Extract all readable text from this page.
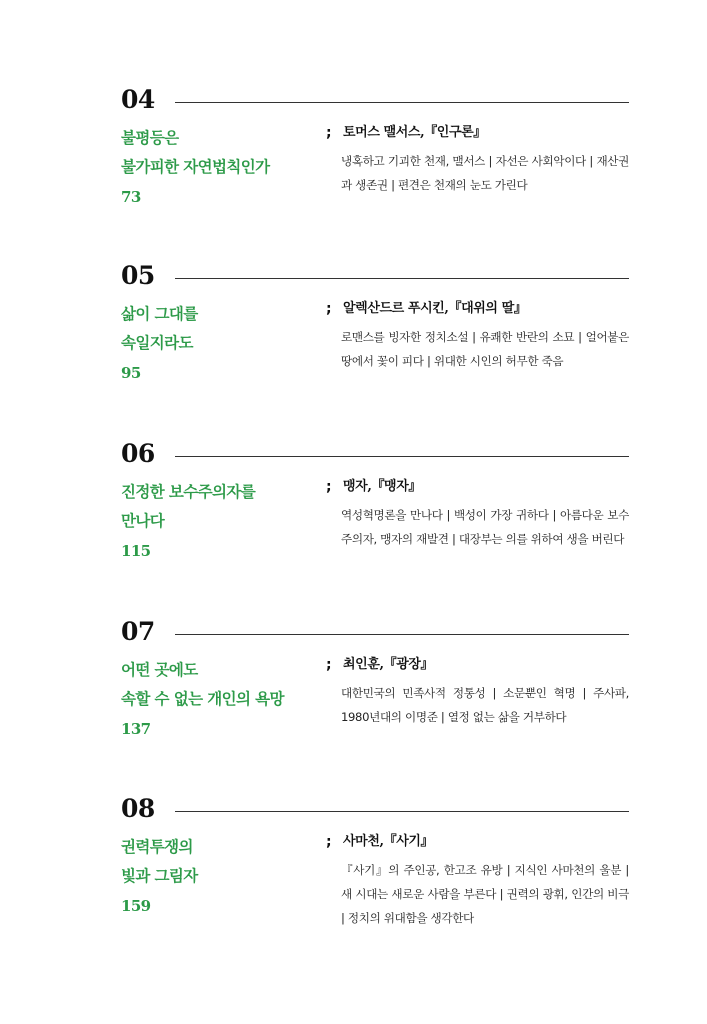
04
불평등은
불가피한 자연법칙인가
73
; 토머스 맬서스,『인구론』
냉혹하고 기괴한 천재, 맬서스 | 자선은 사회악이다 | 재산권과 생존권 | 편견은 천재의 눈도 가린다
05
삶이 그대를
속일지라도
95
; 알렉산드르 푸시킨,『대위의 딸』
로맨스를 빙자한 정치소설 | 유쾌한 반란의 소묘 | 얼어붙은 땅에서 꽃이 피다 | 위대한 시인의 허무한 죽음
06
진정한 보수주의자를
만나다
115
; 맹자,『맹자』
역성혁명론을 만나다 | 백성이 가장 귀하다 | 아름다운 보수주의자, 맹자의 재발견 | 대장부는 의를 위하여 생을 버린다
07
어떤 곳에도
속할 수 없는 개인의 욕망
137
; 최인훈,『광장』
대한민국의 민족사적 정통성 | 소문뿐인 혁명 | 주사파, 1980년대의 이명준 | 열정 없는 삶을 거부하다
08
권력투쟁의
빛과 그림자
159
; 사마천,『사기』
『사기』의 주인공, 한고조 유방 | 지식인 사마천의 울분 | 새 시대는 새로운 사람을 부른다 | 권력의 광휘, 인간의 비극 | 정치의 위대함을 생각한다
